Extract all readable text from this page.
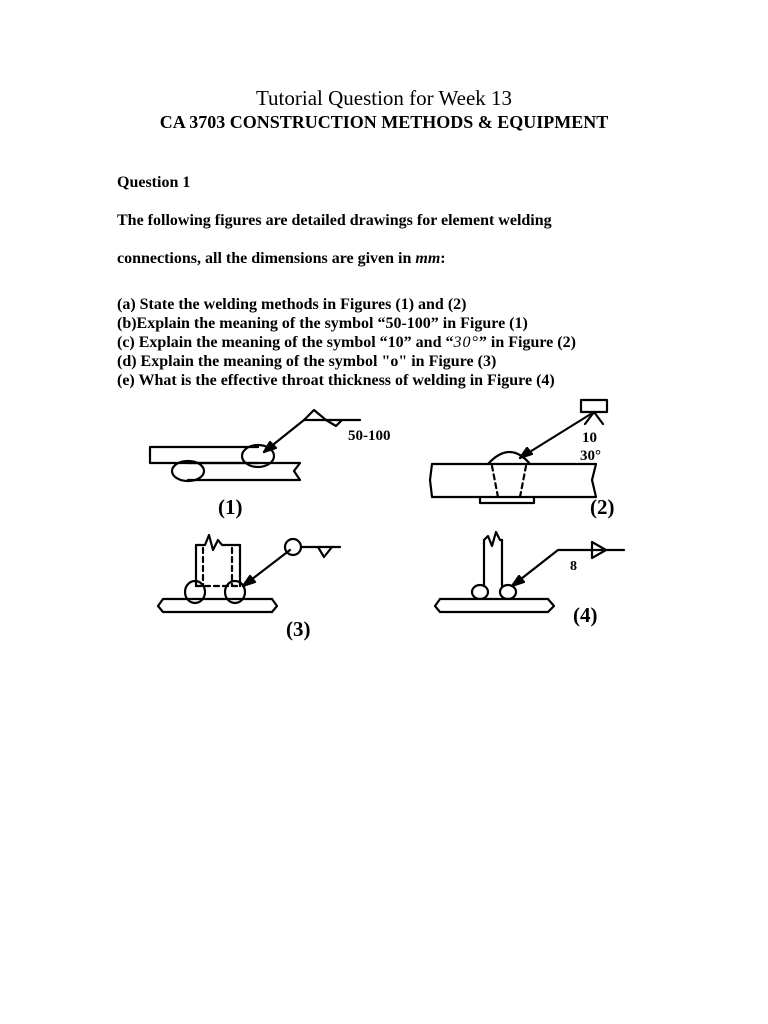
Tutorial Question for Week 13
CA 3703 CONSTRUCTION METHODS & EQUIPMENT
Question 1
The following figures are detailed drawings for element welding
connections, all the dimensions are given in mm:
(a) State the welding methods in Figures (1) and (2)
(b)Explain the meaning of the symbol “50-100” in Figure (1)
(c) Explain the meaning of the symbol “10” and “30°” in Figure (2)
(d) Explain the meaning of the symbol "o" in Figure (3)
(e) What is the effective throat thickness of welding in Figure (4)
50-100
(1)
10
30°
(2)
(3)
8
(4)
